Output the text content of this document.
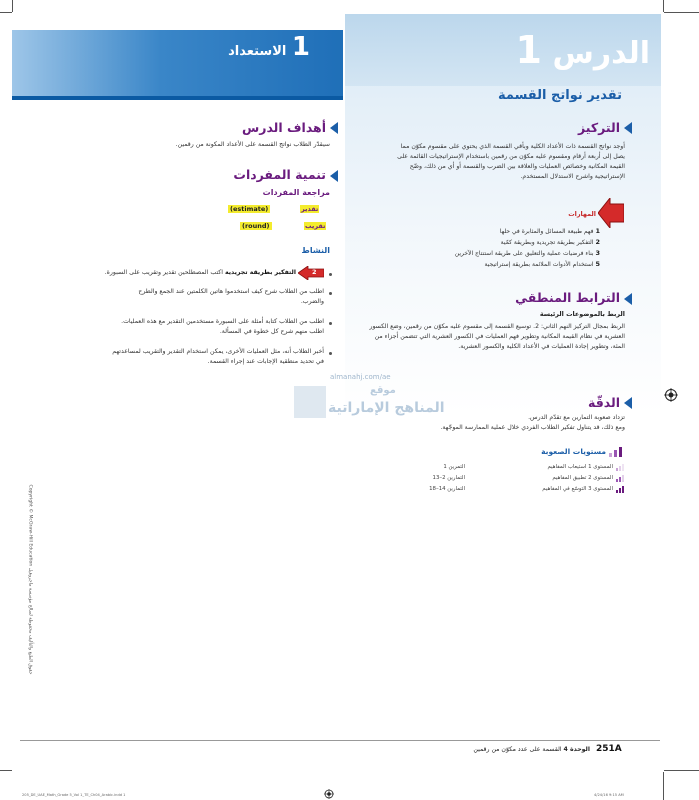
الدرس 1
تقدير نواتج القسمة
1 الاستعداد
التركيز
أوجد نواتج القسمة ذات الأعداد الكلية وبأقي القسمة الذي يحتوي على مقسوم مكوّن مما
يصل إلى أربعة أرقام ومقسوم عليه مكوّن من رقمين باستخدام الإستراتيجيات القائمة على
القيمة المكانية وخصائص العمليات والعلاقة بين الضرب والقسمة أو أي من ذلك، وضّح
الإستراتيجية واشرح الاستدلال المستخدم.
المهارات
1 فهم طبيعة المسائل والمثابرة في حلها
2 التفكير بطريقة تجريدية وبطريقة كمّية
3 بناء فرضيات عملية والتعليق على طريقة استنتاج الآخرين
5 استخدام الأدوات الملائمة بطريقة إستراتيجية
الترابط المنطقي
الربط بالموضوعات الرئيسة
الربط بمجال التركيز النهم الثاني: 2. توسيع القسمة إلى مقسوم عليه مكوّن من رقمين، وضع الكسور
العشرية في نظام القيمة المكانية وتطوير فهم العمليات في الكسور العشرية التي تتضمن أجزاء من
المئة، وتطوير إجادة العمليات في الأعداد الكلية والكسور العشرية.
almanahj.com/ae
موقع
المناهج الإماراتية	الدقّة
تزداد صعوبة التمارين مع تقدّم الدرس.
ومع ذلك، قد يتناول تفكير الطلاب الفردي خلال عملية الممارسة الموجّهة.
مستويات الصعوبة
المستوى 1 استيعاب المفاهيم
التمرين 1
المستوى 2 تطبيق المفاهيم
التمارين 2–13
المستوى 3 التوسّع في المفاهيم
التمارين 14–18
أهداف الدرس
سيقدّر الطلاب نواتج القسمة على الأعداد المكونة من رقمين.
تنمية المفردات
مراجعة المفردات
تقدير
(estimate)
تقريب
(round)
النشاط
2
التفكير بطريقة تجريدية اكتب المصطلحين تقدير وتقريب على السبورة.
اطلب من الطلاب شرح كيف استخدموا هاتين الكلمتين عند الجمع والطرح
والضرب.
اطلب من الطلاب كتابة أمثلة على السبورة مستخدمين التقدير مع هذه العمليات.
اطلب منهم شرح كل خطوة في المسألة.
أخبر الطلاب أنه، مثل العمليات الأخرى، يمكن استخدام التقدير والتقريب لمساعدتهم
في تحديد منطقية الإجابات عند إجراء القسمة.
Copyright © McGraw-Hill Education حقوق الطبع والتأليف محفوظة لصالح مؤسسة ماجروهيل
251A
الوحدة 4 القسمة على عدد مكوّن من رقمين
205_DE_UAE_Math_Grade 5_Vol 1_TE_Ch04_Arabic.indd 1	4/24/16 9:15 AM
